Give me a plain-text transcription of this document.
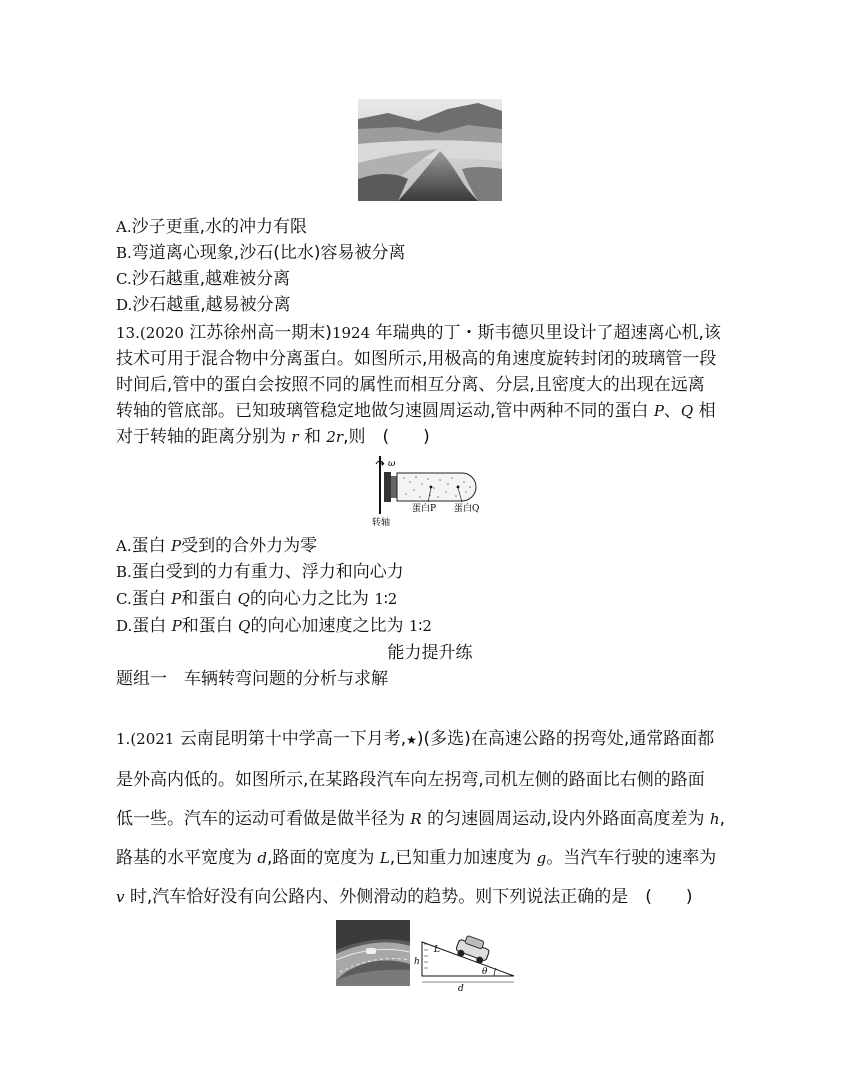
A.沙子更重,水的冲力有限
B.弯道离心现象,沙石(比水)容易被分离
C.沙石越重,越难被分离
D.沙石越重,越易被分离
13.(2020 江苏徐州高一期末)1924 年瑞典的丁・斯韦德贝里设计了超速离心机,该
技术可用于混合物中分离蛋白。如图所示,用极高的角速度旋转封闭的玻璃管一段
时间后,管中的蛋白会按照不同的属性而相互分离、分层,且密度大的出现在远离
转轴的管底部。已知玻璃管稳定地做匀速圆周运动,管中两种不同的蛋白 P、Q 相
对于转轴的距离分别为 r 和 2r,则　 (　　)
ω
转轴
蛋白P 蛋白Q
A.蛋白 P受到的合外力为零
B.蛋白受到的力有重力、浮力和向心力
C.蛋白 P和蛋白 Q的向心力之比为 1∶2
D.蛋白 P和蛋白 Q的向心加速度之比为 1∶2
能力提升练
题组一　车辆转弯问题的分析与求解
1.(2021 云南昆明第十中学高一下月考,★)(多选)在高速公路的拐弯处,通常路面都
是外高内低的。如图所示,在某路段汽车向左拐弯,司机左侧的路面比右侧的路面
低一些。汽车的运动可看做是做半径为 R 的匀速圆周运动,设内外路面高度差为 h,
路基的水平宽度为 d,路面的宽度为 L,已知重力加速度为 g。当汽车行驶的速率为
v 时,汽车恰好没有向公路内、外侧滑动的趋势。则下列说法正确的是　 (　　)
L
h
θ
d
